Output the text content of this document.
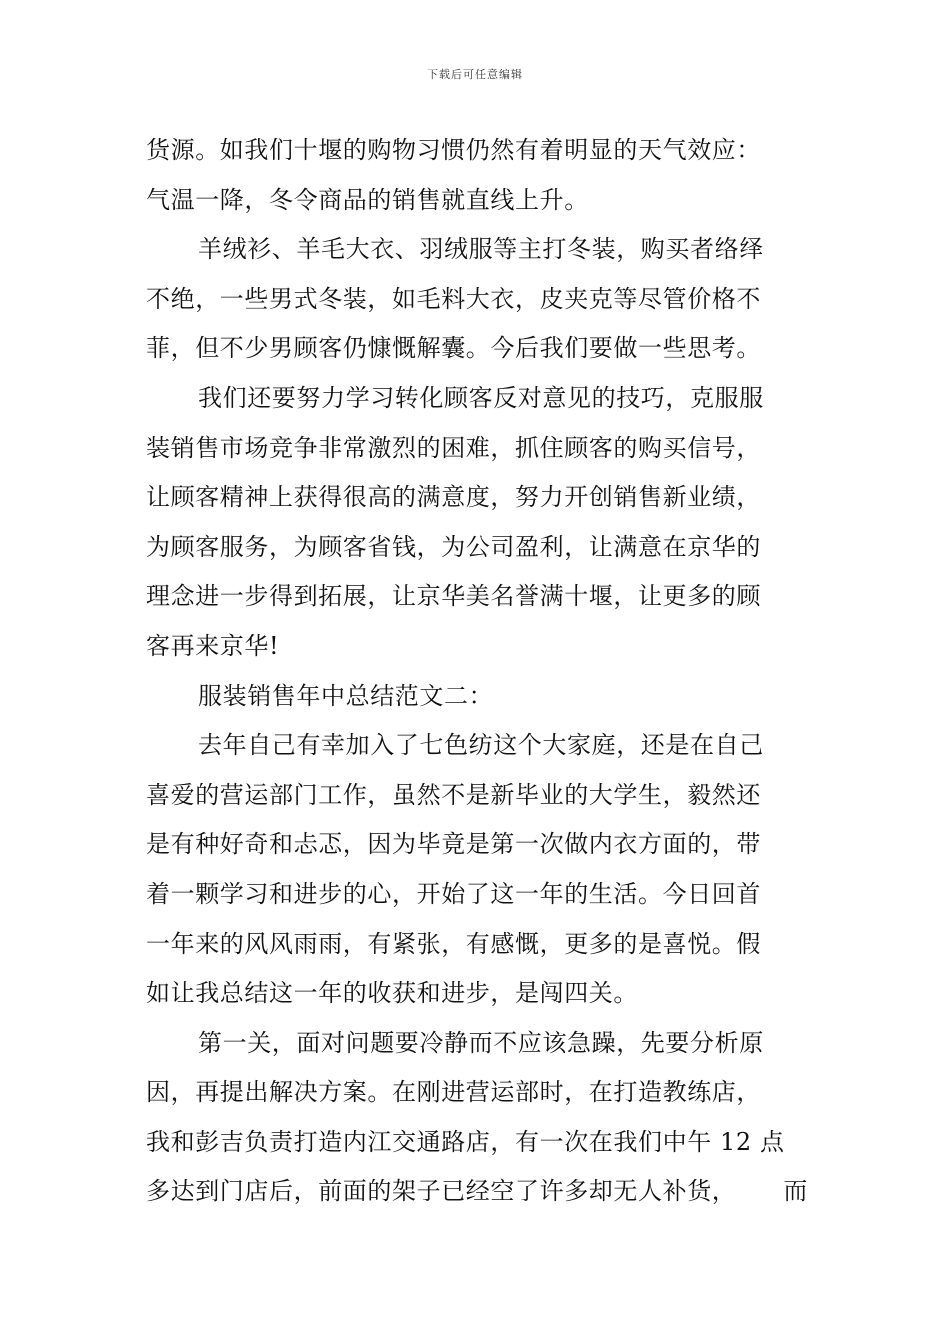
下载后可任意编辑
货源。如我们十堰的购物习惯仍然有着明显的天气效应：
气温一降，冬令商品的销售就直线上升。
羊绒衫、羊毛大衣、羽绒服等主打冬装，购买者络绎
不绝，一些男式冬装，如毛料大衣，皮夹克等尽管价格不
菲，但不少男顾客仍慷慨解囊。今后我们要做一些思考。
我们还要努力学习转化顾客反对意见的技巧，克服服
装销售市场竞争非常激烈的困难，抓住顾客的购买信号，
让顾客精神上获得很高的满意度，努力开创销售新业绩，
为顾客服务，为顾客省钱，为公司盈利，让满意在京华的
理念进一步得到拓展，让京华美名誉满十堰，让更多的顾
客再来京华!
服装销售年中总结范文二：
去年自己有幸加入了七色纺这个大家庭，还是在自己
喜爱的营运部门工作，虽然不是新毕业的大学生，毅然还
是有种好奇和忐忑，因为毕竟是第一次做内衣方面的，带
着一颗学习和进步的心，开始了这一年的生活。今日回首
一年来的风风雨雨，有紧张，有感慨，更多的是喜悦。假
如让我总结这一年的收获和进步，是闯四关。
第一关，面对问题要冷静而不应该急躁，先要分析原
因，再提出解决方案。在刚进营运部时，在打造教练店，
我和彭吉负责打造内江交通路店，有一次在我们中午 12 点
多达到门店后，前面的架子已经空了许多却无人补货， 而
